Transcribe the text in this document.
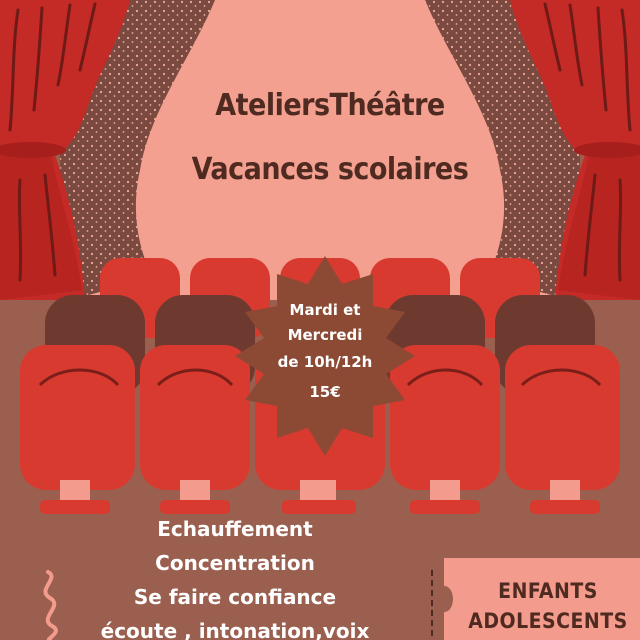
AteliersThéâtre
Vacances scolaires
Mardi et
Mercredi
de 10h/12h
15€
Echauffement
Concentration
Se faire confiance
écoute , intonation,voix
ENFANTS
ADOLESCENTS
